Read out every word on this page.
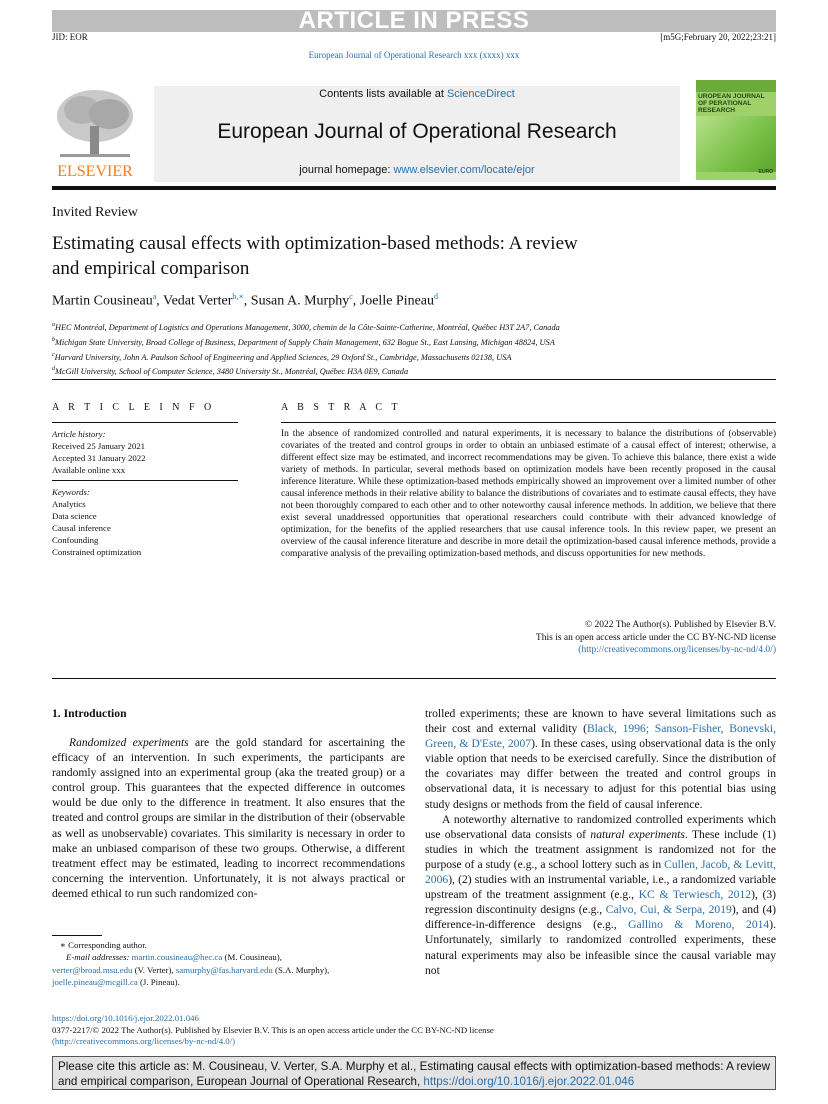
ARTICLE IN PRESS
JID: EOR	[m5G;February 20, 2022;23:21]
European Journal of Operational Research xxx (xxxx) xxx
ELSEVIER
Contents lists available at ScienceDirect
European Journal of Operational Research
journal homepage: www.elsevier.com/locate/ejor
UROPEAN JOURNAL OF PERATIONAL RESEARCH
EURO
Invited Review
Estimating causal effects with optimization-based methods: A review
and empirical comparison
Martin Cousineau$^a$, Vedat Verter$^{b,∗}$, Susan A. Murphy$^c$, Joelle Pineau$^d$
$^a$HEC Montréal, Department of Logistics and Operations Management, 3000, chemin de la Côte-Sainte-Catherine, Montréal, Québec H3T 2A7, Canada
$^b$Michigan State University, Broad College of Business, Department of Supply Chain Management, 632 Bogue St., East Lansing, Michigan 48824, USA
$^c$Harvard University, John A. Paulson School of Engineering and Applied Sciences, 29 Oxford St., Cambridge, Massachusetts 02138, USA
$^d$McGill University, School of Computer Science, 3480 University St., Montréal, Québec H3A 0E9, Canada
A R T I C L E I N F O
Article history:
Received 25 January 2021
Accepted 31 January 2022
Available online xxx
Keywords:
Analytics
Data science
Causal inference
Confounding
Constrained optimization
A B S T R A C T
In the absence of randomized controlled and natural experiments, it is necessary to balance the distributions of (observable) covariates of the treated and control groups in order to obtain an unbiased estimate of a causal effect of interest; otherwise, a different effect size may be estimated, and incorrect recommendations may be given. To achieve this balance, there exist a wide variety of methods. In particular, several methods based on optimization models have been recently proposed in the causal inference literature. While these optimization-based methods empirically showed an improvement over a limited number of other causal inference methods in their relative ability to balance the distributions of covariates and to estimate causal effects, they have not been thoroughly compared to each other and to other noteworthy causal inference methods. In addition, we believe that there exist several unaddressed opportunities that operational researchers could contribute with their advanced knowledge of optimization, for the benefits of the applied researchers that use causal inference tools. In this review paper, we present an overview of the causal inference literature and describe in more detail the optimization-based causal inference methods, provide a comparative analysis of the prevailing optimization-based methods, and discuss opportunities for new methods.
© 2022 The Author(s). Published by Elsevier B.V.
This is an open access article under the CC BY-NC-ND license
(http://creativecommons.org/licenses/by-nc-nd/4.0/)
1. Introduction

Randomized experiments are the gold standard for ascertaining the efficacy of an intervention. In such experiments, the participants are randomly assigned into an experimental group (aka the treated group) or a control group. This guarantees that the expected difference in outcomes would be due only to the difference in treatment. It also ensures that the treated and control groups are similar in the distribution of their (observable as well as unobservable) covariates. This similarity is necessary in order to make an unbiased comparison of these two groups. Otherwise, a different treatment effect may be estimated, leading to incorrect recommendations concerning the intervention. Unfortunately, it is not always practical or deemed ethical to run such randomized con-

trolled experiments; these are known to have several limitations such as their cost and external validity (Black, 1996; Sanson-Fisher, Bonevski, Green, & D'Este, 2007). In these cases, using observational data is the only viable option that needs to be exercised carefully. Since the distribution of the covariates may differ between the treated and control groups in observational data, it is necessary to adjust for this potential bias using study designs or methods from the field of causal inference.

A noteworthy alternative to randomized controlled experiments which use observational data consists of natural experiments. These include (1) studies in which the treatment assignment is randomized not for the purpose of a study (e.g., a school lottery such as in Cullen, Jacob, & Levitt, 2006), (2) studies with an instrumental variable, i.e., a randomized variable upstream of the treatment assignment (e.g., KC & Terwiesch, 2012), (3) regression discontinuity designs (e.g., Calvo, Cui, & Serpa, 2019), and (4) difference-in-difference designs (e.g., Gallino & Moreno, 2014). Unfortunately, similarly to randomized controlled experiments, these natural experiments may also be infeasible since the causal variable may not

∗ Corresponding author.
E-mail addresses: martin.cousineau@hec.ca (M. Cousineau),
verter@broad.msu.edu (V. Verter), samurphy@fas.harvard.edu (S.A. Murphy),
joelle.pineau@mcgill.ca (J. Pineau).
https://doi.org/10.1016/j.ejor.2022.01.046
0377-2217/© 2022 The Author(s). Published by Elsevier B.V. This is an open access article under the CC BY-NC-ND license
(http://creativecommons.org/licenses/by-nc-nd/4.0/)
Please cite this article as: M. Cousineau, V. Verter, S.A. Murphy et al., Estimating causal effects with optimization-based methods: A review and empirical comparison, European Journal of Operational Research, https://doi.org/10.1016/j.ejor.2022.01.046
